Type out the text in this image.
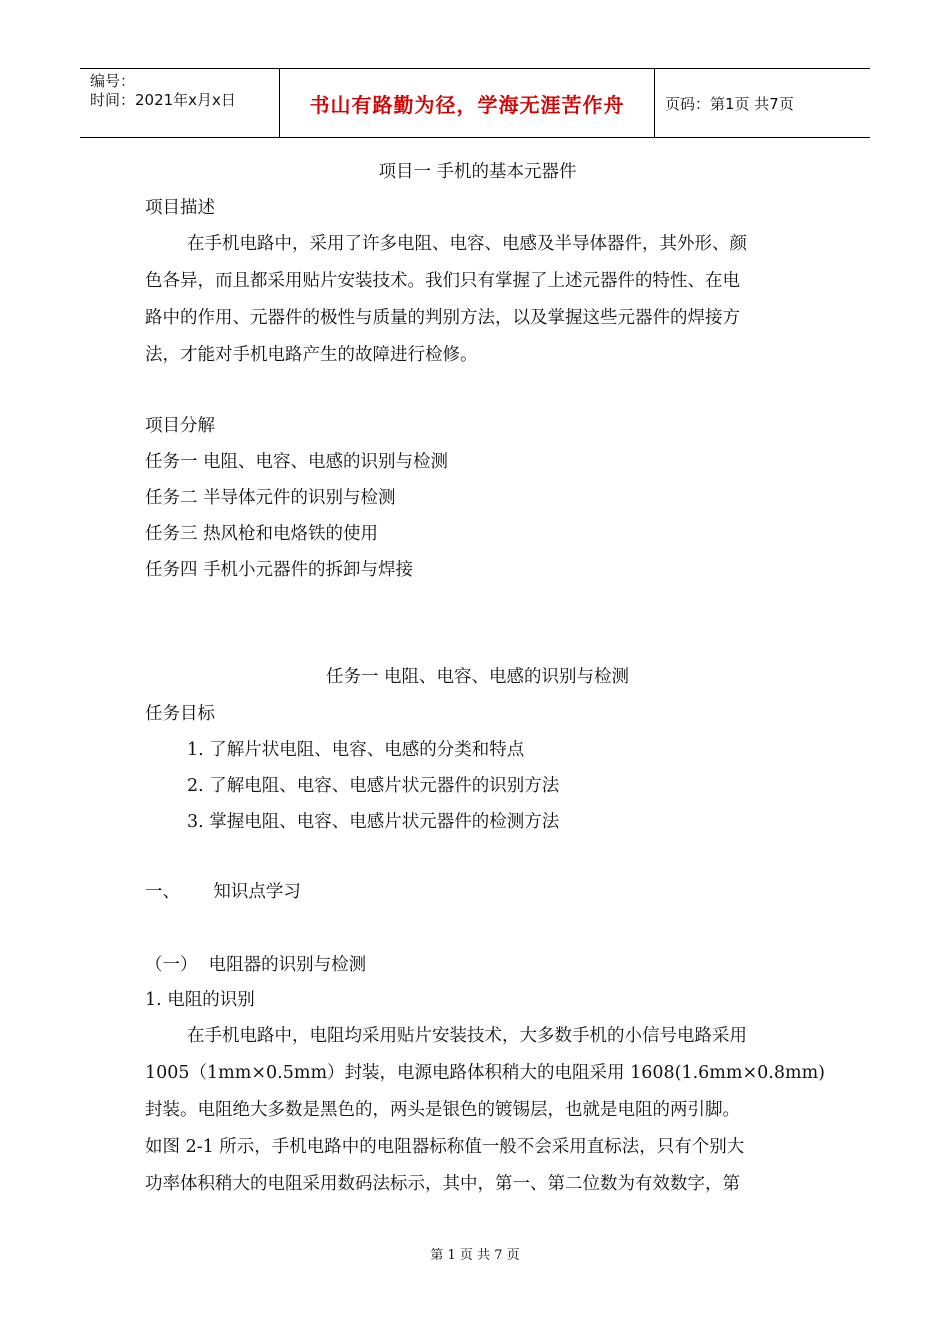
编号：
时间：2021年x月x日	书山有路勤为径，学海无涯苦作舟	页码：第1页 共7页
项目一 手机的基本元器件
项目描述
在手机电路中，采用了许多电阻、电容、电感及半导体器件，其外形、颜
色各异，而且都采用贴片安装技术。我们只有掌握了上述元器件的特性、在电
路中的作用、元器件的极性与质量的判别方法，以及掌握这些元器件的焊接方
法，才能对手机电路产生的故障进行检修。
项目分解
任务一 电阻、电容、电感的识别与检测
任务二 半导体元件的识别与检测
任务三 热风枪和电烙铁的使用
任务四 手机小元器件的拆卸与焊接
任务一 电阻、电容、电感的识别与检测
任务目标
1. 了解片状电阻、电容、电感的分类和特点
2. 了解电阻、电容、电感片状元器件的识别方法
3. 掌握电阻、电容、电感片状元器件的检测方法
一、      知识点学习
（一）  电阻器的识别与检测
1. 电阻的识别
在手机电路中，电阻均采用贴片安装技术，大多数手机的小信号电路采用
1005（1mm×0.5mm）封装，电源电路体积稍大的电阻采用 1608(1.6mm×0.8mm)
封装。电阻绝大多数是黑色的，两头是银色的镀锡层，也就是电阻的两引脚。
如图 2-1 所示，手机电路中的电阻器标称值一般不会采用直标法，只有个别大
功率体积稍大的电阻采用数码法标示，其中，第一、第二位数为有效数字，第
第 1 页 共 7 页
